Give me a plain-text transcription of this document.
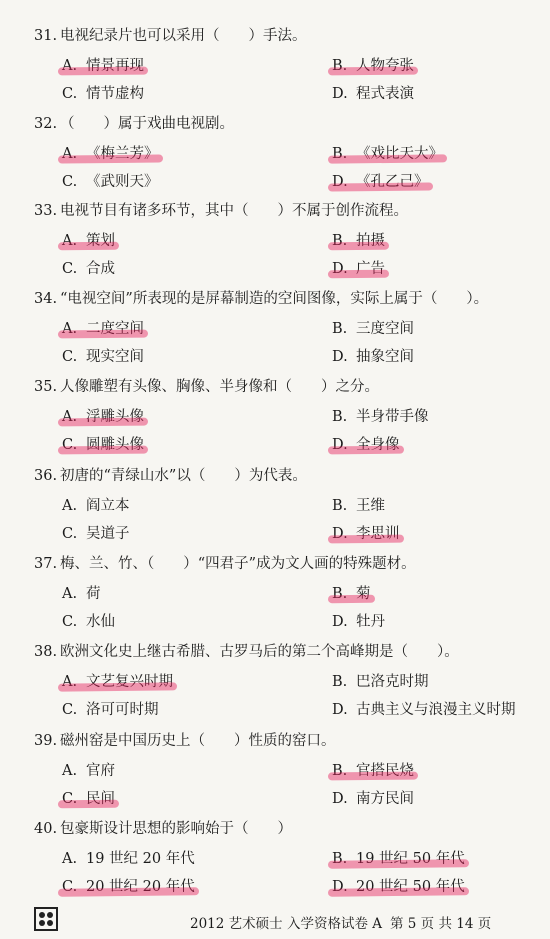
31. 电视纪录片也可以采用（　　）手法。
A. 情景再现	B. 人物夸张
C. 情节虚构	D. 程式表演
32. （　　）属于戏曲电视剧。
A. 《梅兰芳》	B. 《戏比天大》
C. 《武则天》	D. 《孔乙己》
33. 电视节目有诸多环节，其中（　　）不属于创作流程。
A. 策划	B. 拍摄
C. 合成	D. 广告
34. “电视空间”所表现的是屏幕制造的空间图像，实际上属于（　　）。
A. 二度空间	B. 三度空间
C. 现实空间	D. 抽象空间
35. 人像雕塑有头像、胸像、半身像和（　　）之分。
A. 浮雕头像	B. 半身带手像
C. 圆雕头像	D. 全身像
36. 初唐的“青绿山水”以（　　）为代表。
A. 阎立本	B. 王维
C. 吴道子	D. 李思训
37. 梅、兰、竹、（　　）“四君子”成为文人画的特殊题材。
A. 荷	B. 菊
C. 水仙	D. 牡丹
38. 欧洲文化史上继古希腊、古罗马后的第二个高峰期是（　　）。
A. 文艺复兴时期	B. 巴洛克时期
C. 洛可可时期	D. 古典主义与浪漫主义时期
39. 磁州窑是中国历史上（　　）性质的窑口。
A. 官府	B. 官搭民烧
C. 民间	D. 南方民间
40. 包豪斯设计思想的影响始于（　　）
A. 19 世纪 20 年代	B. 19 世纪 50 年代
C. 20 世纪 20 年代	D. 20 世纪 50 年代
2012 艺术硕士 入学资格试卷 A 第 5 页 共 14 页
